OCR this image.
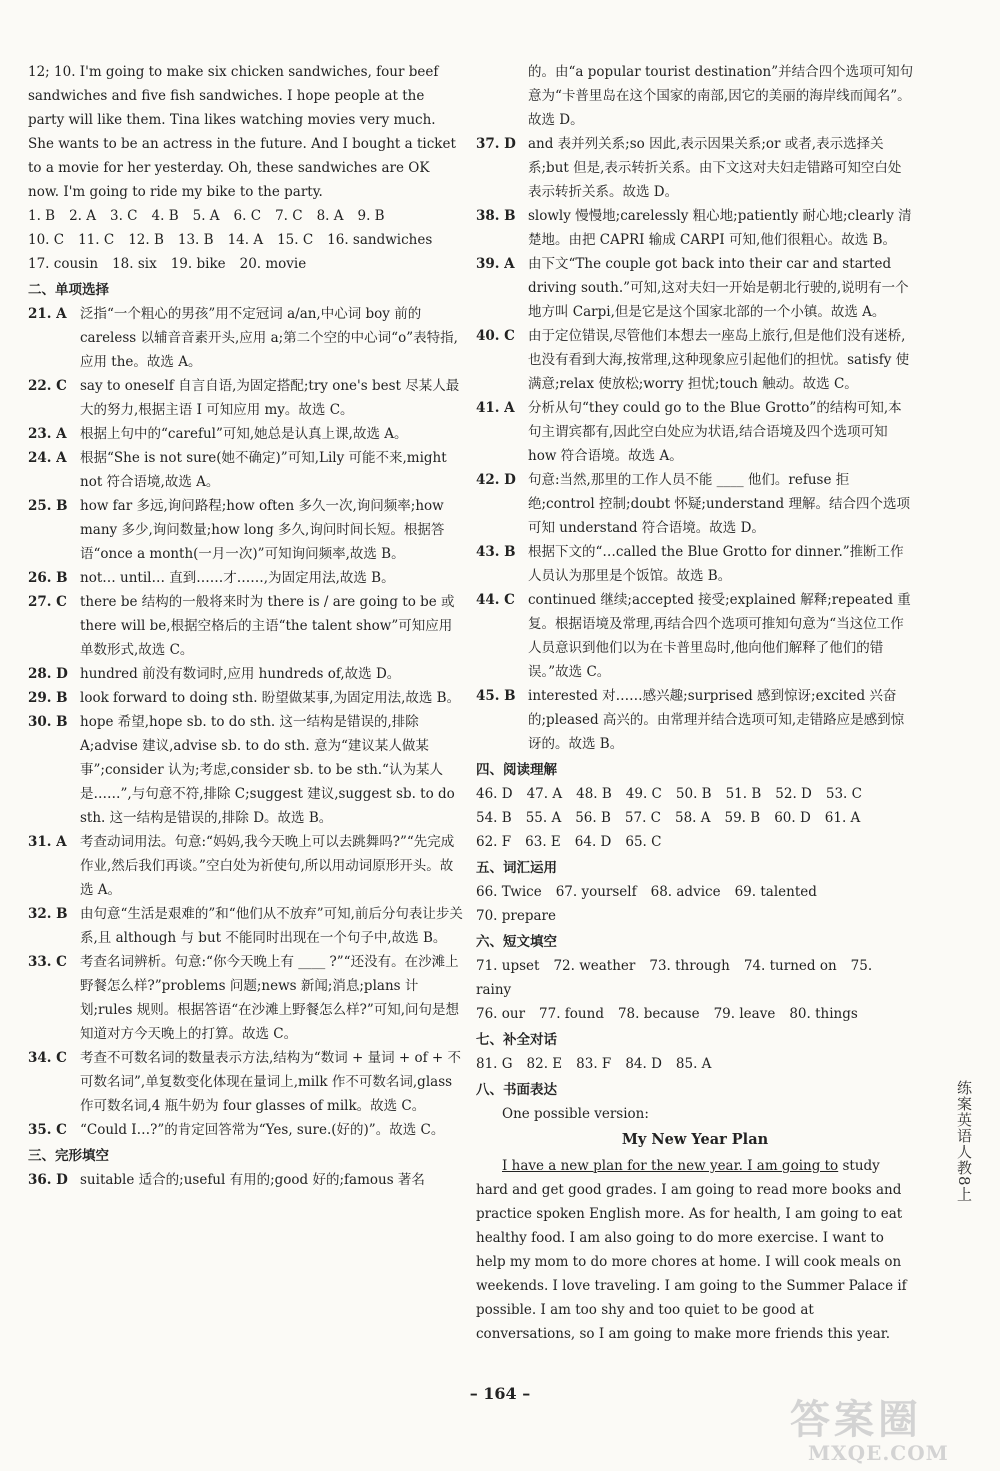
12; 10. I'm going to make six chicken sandwiches, four beef sandwiches and five fish sandwiches. I hope people at the party will like them. Tina likes watching movies very much. She wants to be an actress in the future. And I bought a ticket to a movie for her yesterday. Oh, these sandwiches are OK now. I'm going to ride my bike to the party.

1. B 2. A 3. C 4. B 5. A 6. C 7. C 8. A 9. B
10. C 11. C 12. B 13. B 14. A 15. C 16. sandwiches
17. cousin 18. six 19. bike 20. movie
二、单项选择
21. A 泛指“一个粗心的男孩”用不定冠词 a/an,中心词 boy 前的 careless 以辅音音素开头,应用 a;第二个空的中心词“o”表特指,应用 the。故选 A。
22. C say to oneself 自言自语,为固定搭配;try one's best 尽某人最大的努力,根据主语 I 可知应用 my。故选 C。
23. A 根据上句中的“careful”可知,她总是认真上课,故选 A。
24. A 根据“She is not sure(她不确定)”可知,Lily 可能不来,might not 符合语境,故选 A。
25. B how far 多远,询问路程;how often 多久一次,询问频率;how many 多少,询问数量;how long 多久,询问时间长短。根据答语“once a month(一月一次)”可知询问频率,故选 B。
26. B not… until… 直到……才……,为固定用法,故选 B。
27. C there be 结构的一般将来时为 there is / are going to be 或 there will be,根据空格后的主语“the talent show”可知应用单数形式,故选 C。
28. D hundred 前没有数词时,应用 hundreds of,故选 D。
29. B look forward to doing sth. 盼望做某事,为固定用法,故选 B。
30. B hope 希望,hope sb. to do sth. 这一结构是错误的,排除 A;advise 建议,advise sb. to do sth. 意为“建议某人做某事”;consider 认为;考虑,consider sb. to be sth.“认为某人是……”,与句意不符,排除 C;suggest 建议,suggest sb. to do sth. 这一结构是错误的,排除 D。故选 B。
31. A 考查动词用法。句意:“妈妈,我今天晚上可以去跳舞吗?”“先完成作业,然后我们再谈。”空白处为祈使句,所以用动词原形开头。故选 A。
32. B 由句意“生活是艰难的”和“他们从不放弃”可知,前后分句表让步关系,且 although 与 but 不能同时出现在一个句子中,故选 B。
33. C 考查名词辨析。句意:“你今天晚上有 ____ ?”“还没有。在沙滩上野餐怎么样?”problems 问题;news 新闻;消息;plans 计划;rules 规则。根据答语“在沙滩上野餐怎么样?”可知,问句是想知道对方今天晚上的打算。故选 C。
34. C 考查不可数名词的数量表示方法,结构为“数词 + 量词 + of + 不可数名词”,单复数变化体现在量词上,milk 作不可数名词,glass 作可数名词,4 瓶牛奶为 four glasses of milk。故选 C。
35. C “Could I…?”的肯定回答常为“Yes, sure.(好的)”。故选 C。
三、完形填空
36. D suitable 适合的;useful 有用的;good 好的;famous 著名
的。由“a popular tourist destination”并结合四个选项可知句意为“卡普里岛在这个国家的南部,因它的美丽的海岸线而闻名”。故选 D。
37. D and 表并列关系;so 因此,表示因果关系;or 或者,表示选择关系;but 但是,表示转折关系。由下文这对夫妇走错路可知空白处表示转折关系。故选 D。
38. B slowly 慢慢地;carelessly 粗心地;patiently 耐心地;clearly 清楚地。由把 CAPRI 输成 CARPI 可知,他们很粗心。故选 B。
39. A 由下文“The couple got back into their car and started driving south.”可知,这对夫妇一开始是朝北行驶的,说明有一个地方叫 Carpi,但是它是这个国家北部的一个小镇。故选 A。
40. C 由于定位错误,尽管他们本想去一座岛上旅行,但是他们没有迷桥,也没有看到大海,按常理,这种现象应引起他们的担忧。satisfy 使满意;relax 使放松;worry 担忧;touch 触动。故选 C。
41. A 分析从句“they could go to the Blue Grotto”的结构可知,本句主谓宾都有,因此空白处应为状语,结合语境及四个选项可知 how 符合语境。故选 A。
42. D 句意:当然,那里的工作人员不能 ____ 他们。refuse 拒绝;control 控制;doubt 怀疑;understand 理解。结合四个选项可知 understand 符合语境。故选 D。
43. B 根据下文的“…called the Blue Grotto for dinner.”推断工作人员认为那里是个饭馆。故选 B。
44. C continued 继续;accepted 接受;explained 解释;repeated 重复。根据语境及常理,再结合四个选项可推知句意为“当这位工作人员意识到他们以为在卡普里岛时,他向他们解释了他们的错误。”故选 C。
45. B interested 对……感兴趣;surprised 感到惊讶;excited 兴奋的;pleased 高兴的。由常理并结合选项可知,走错路应是感到惊讶的。故选 B。
四、阅读理解
46. D 47. A 48. B 49. C 50. B 51. B 52. D 53. C
54. B 55. A 56. B 57. C 58. A 59. B 60. D 61. A
62. F 63. E 64. D 65. C
五、词汇运用
66. Twice 67. yourself 68. advice 69. talented
70. prepare
六、短文填空
71. upset 72. weather 73. through 74. turned on 75. rainy
76. our 77. found 78. because 79. leave 80. things
七、补全对话
81. G 82. E 83. F 84. D 85. A
八、书面表达
One possible version:
My New Year Plan

I have a new plan for the new year. I am going to study hard and get good grades. I am going to read more books and practice spoken English more. As for health, I am going to eat healthy food. I am also going to do more exercise. I want to help my mom to do more chores at home. I will cook meals on weekends. I love traveling. I am going to the Summer Palace if possible. I am too shy and too quiet to be good at conversations, so I am going to make more friends this year.

练案英语人教8上
– 164 –
答案圈
MXQE.COM
